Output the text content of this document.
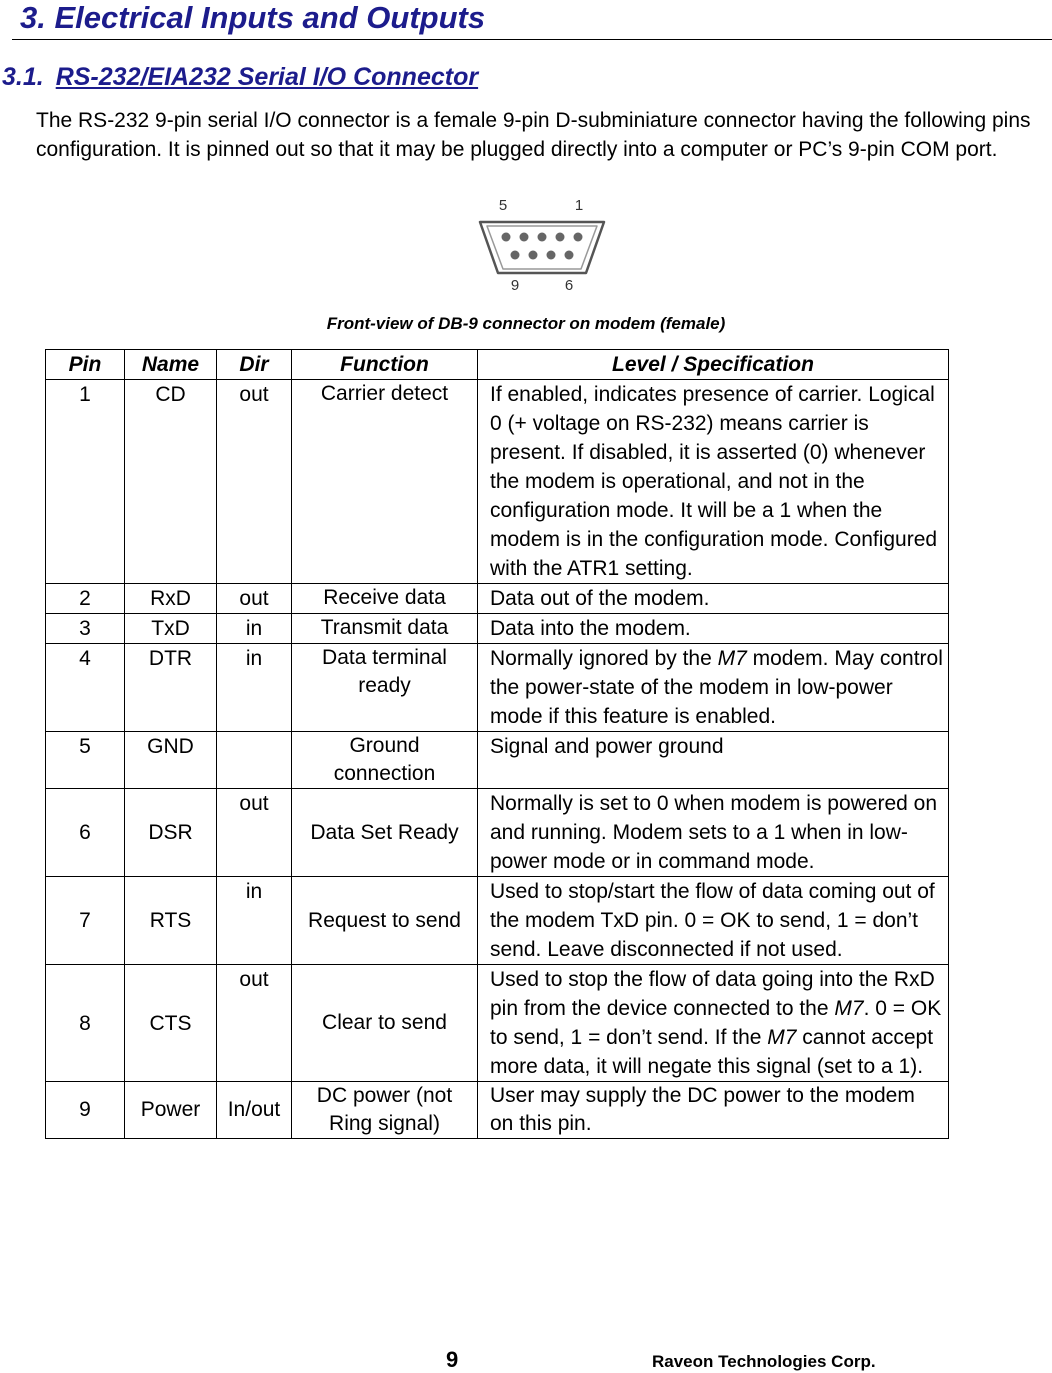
3. Electrical Inputs and Outputs
3.1. RS-232/EIA232 Serial I/O Connector

The RS-232 9-pin serial I/O connector is a female 9-pin D-subminiature connector having the following pins configuration. It is pinned out so that it may be plugged directly into a computer or PC’s 9-pin COM port.

5	1
9	6

Front-view of DB-9 connector on modem (female)

Pin	Name	Dir	Function	Level / Specification
1	CD	out	Carrier detect	If enabled, indicates presence of carrier. Logical 0 (+ voltage on RS-232) means carrier is present. If disabled, it is asserted (0) whenever the modem is operational, and not in the configuration mode. It will be a 1 when the modem is in the configuration mode. Configured with the ATR1 setting.
2	RxD	out	Receive data	Data out of the modem.
3	TxD	in	Transmit data	Data into the modem.
4	DTR	in	Data terminal ready	Normally ignored by the M7 modem. May control the power-state of the modem in low-power mode if this feature is enabled.
5	GND		Ground connection	Signal and power ground
6	DSR	out	Data Set Ready	Normally is set to 0 when modem is powered on and running. Modem sets to a 1 when in low-power mode or in command mode.
7	RTS	in	Request to send	Used to stop/start the flow of data coming out of the modem TxD pin. 0 = OK to send, 1 = don’t send. Leave disconnected if not used.
8	CTS	out	Clear to send	Used to stop the flow of data going into the RxD pin from the device connected to the M7. 0 = OK to send, 1 = don’t send. If the M7 cannot accept more data, it will negate this signal (set to a 1).
9	Power	In/out	DC power (not Ring signal)	User may supply the DC power to the modem on this pin.

9	Raveon Technologies Corp.
